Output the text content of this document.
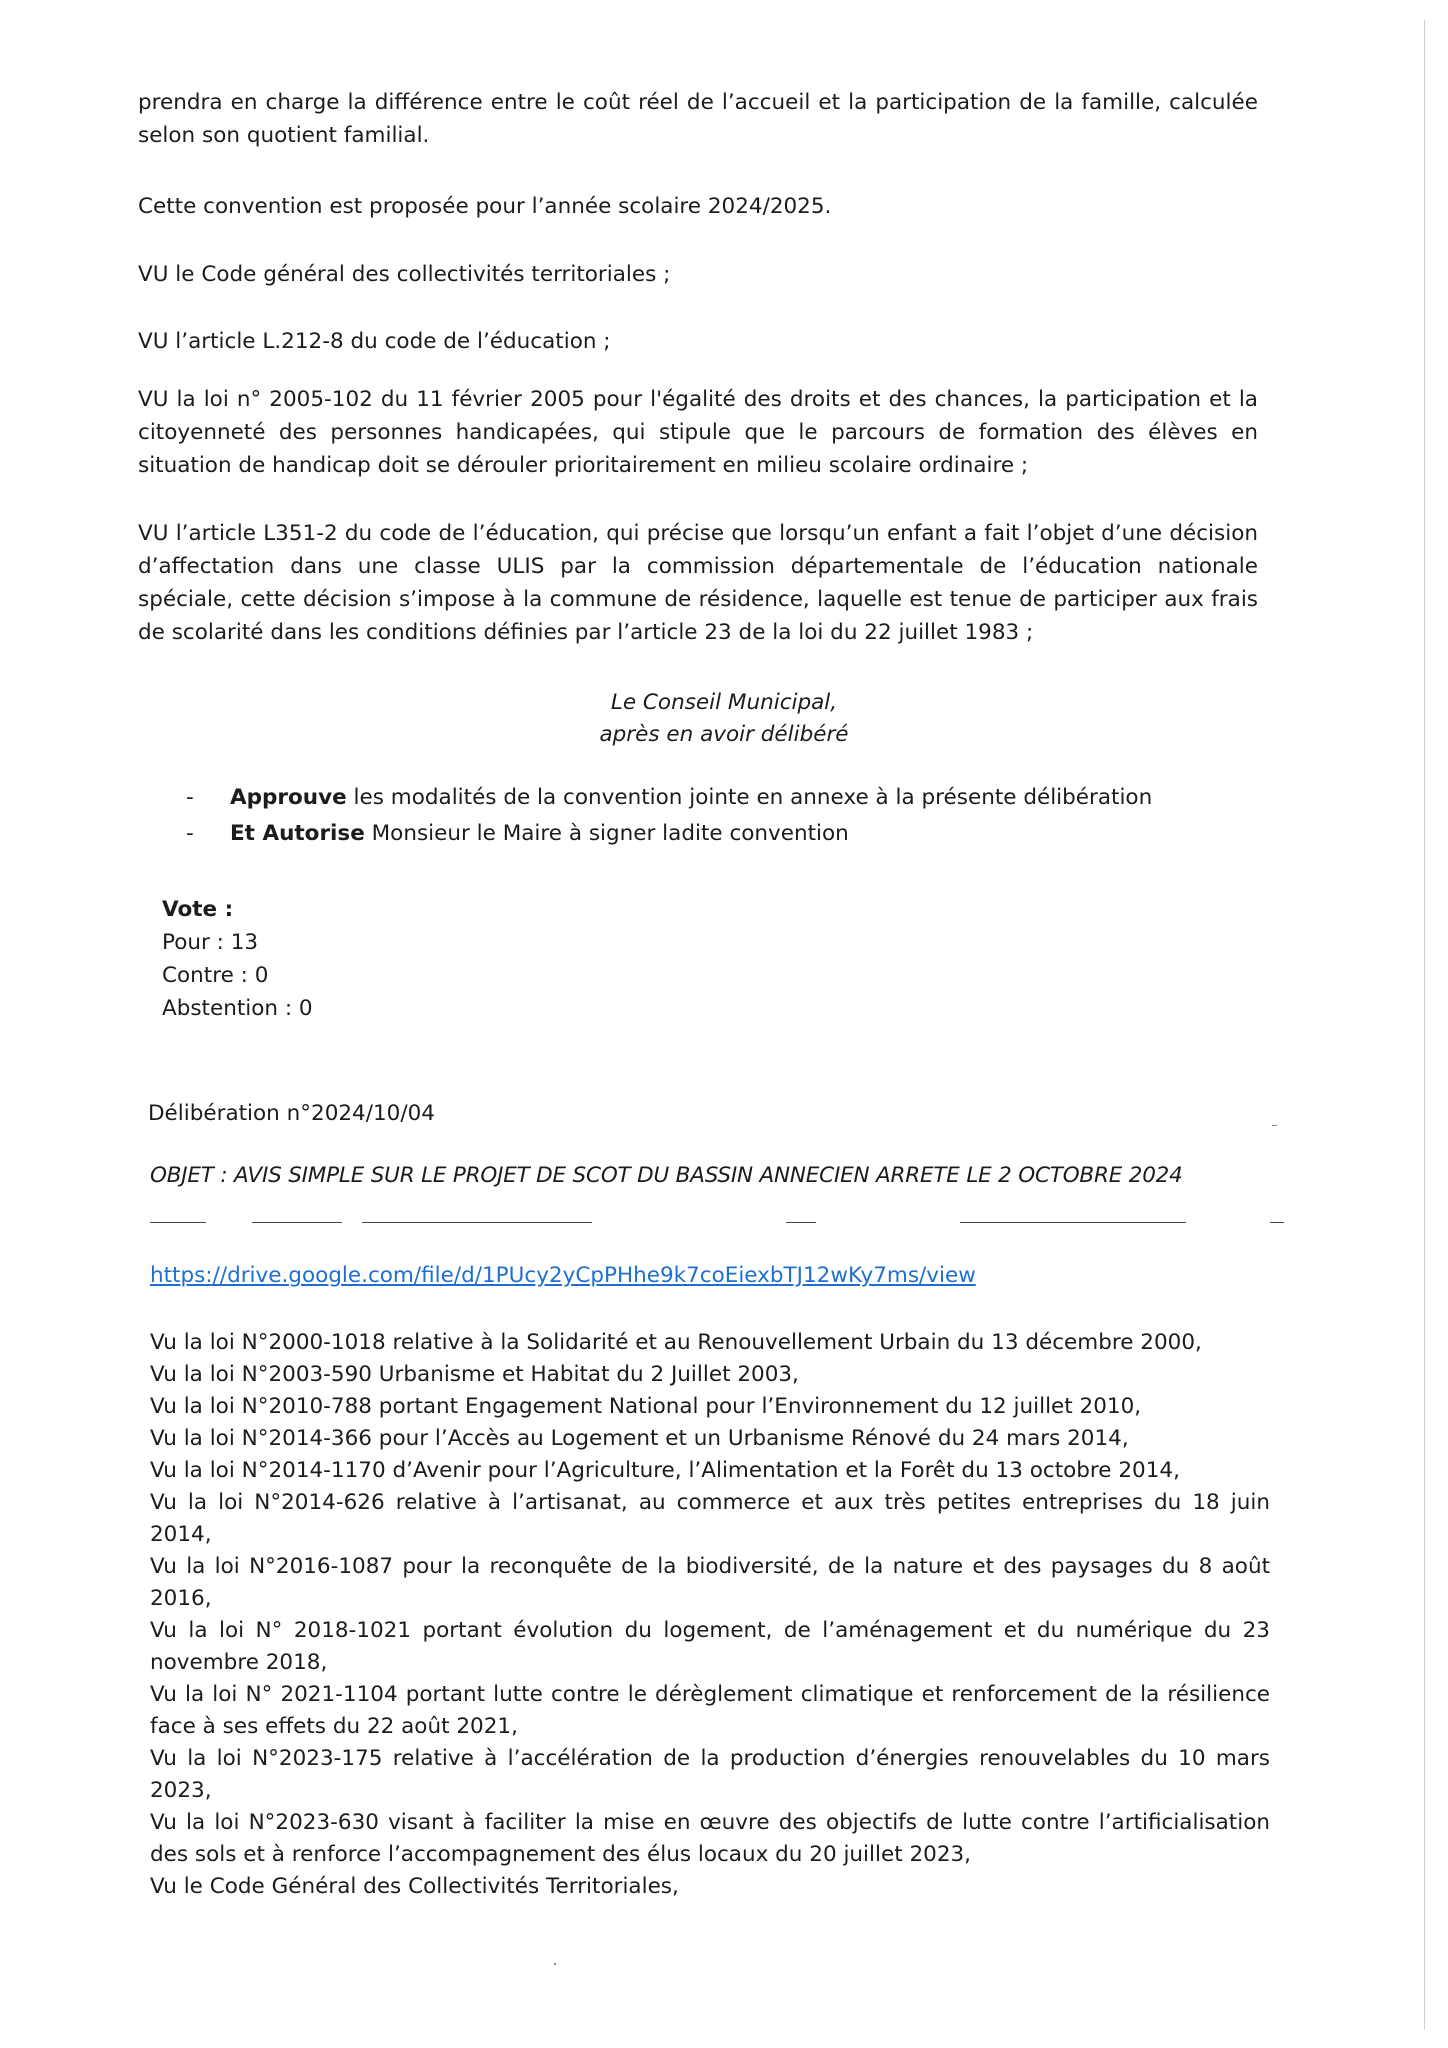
prendra en charge la différence entre le coût réel de l’accueil et la participation de la famille, calculée selon son quotient familial.

Cette convention est proposée pour l’année scolaire 2024/2025.

VU le Code général des collectivités territoriales ;

VU l’article L.212-8 du code de l’éducation ;

VU la loi n° 2005-102 du 11 février 2005 pour l'égalité des droits et des chances, la participation et la citoyenneté des personnes handicapées, qui stipule que le parcours de formation des élèves en situation de handicap doit se dérouler prioritairement en milieu scolaire ordinaire ;

VU l’article L351-2 du code de l’éducation, qui précise que lorsqu’un enfant a fait l’objet d’une décision d’affectation dans une classe ULIS par la commission départementale de l’éducation nationale spéciale, cette décision s’impose à la commune de résidence, laquelle est tenue de participer aux frais de scolarité dans les conditions définies par l’article 23 de la loi du 22 juillet 1983 ;

Le Conseil Municipal,
après en avoir délibéré
- Approuve les modalités de la convention jointe en annexe à la présente délibération
- Et Autorise Monsieur le Maire à signer ladite convention
Vote :
Pour : 13
Contre : 0
Abstention : 0

Délibération n°2024/10/04

OBJET : AVIS SIMPLE SUR LE PROJET DE SCOT DU BASSIN ANNECIEN ARRETE LE 2 OCTOBRE 2024
https://drive.google.com/file/d/1PUcy2yCpPHhe9k7coEiexbTJ12wKy7ms/view
Vu la loi N°2000-1018 relative à la Solidarité et au Renouvellement Urbain du 13 décembre 2000,
Vu la loi N°2003-590 Urbanisme et Habitat du 2 Juillet 2003,
Vu la loi N°2010-788 portant Engagement National pour l’Environnement du 12 juillet 2010,
Vu la loi N°2014-366 pour l’Accès au Logement et un Urbanisme Rénové du 24 mars 2014,
Vu la loi N°2014-1170 d’Avenir pour l’Agriculture, l’Alimentation et la Forêt du 13 octobre 2014,
Vu la loi N°2014-626 relative à l’artisanat, au commerce et aux très petites entreprises du 18 juin 2014,
Vu la loi N°2016-1087 pour la reconquête de la biodiversité, de la nature et des paysages du 8 août 2016,
Vu la loi N° 2018-1021 portant évolution du logement, de l’aménagement et du numérique du 23 novembre 2018,
Vu la loi N° 2021-1104 portant lutte contre le dérèglement climatique et renforcement de la résilience face à ses effets du 22 août 2021,
Vu la loi N°2023-175 relative à l’accélération de la production d’énergies renouvelables du 10 mars 2023,
Vu la loi N°2023-630 visant à faciliter la mise en œuvre des objectifs de lutte contre l’artificialisation des sols et à renforce l’accompagnement des élus locaux du 20 juillet 2023,
Vu le Code Général des Collectivités Territoriales,
